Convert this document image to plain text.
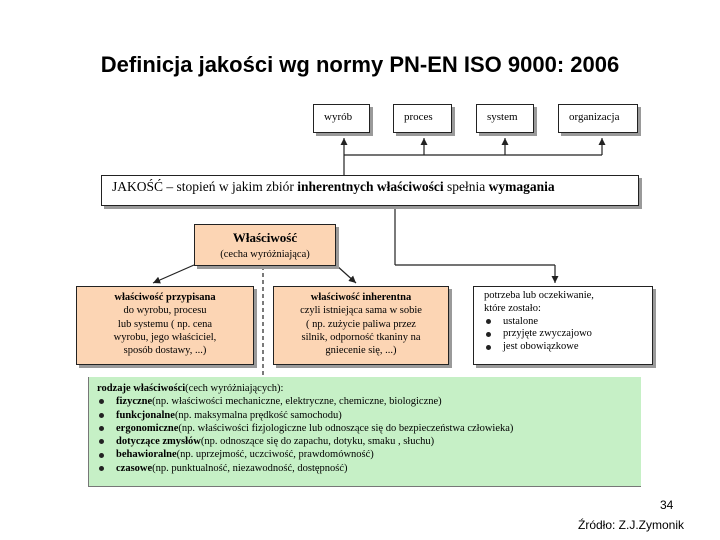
Definicja jakości wg normy PN-EN ISO 9000: 2006
wyrób	proces	system	organizacja
JAKOŚĆ – stopień w jakim zbiór inherentnych właściwości spełnia wymagania
Właściwość
(cecha wyróżniająca)
właściwość przypisana
do wyrobu, procesu
lub systemu ( np. cena
wyrobu, jego właściciel,
sposób dostawy, ...)
właściwość inherentna
czyli istniejąca sama w sobie
( np. zużycie paliwa przez
silnik, odporność tkaniny na
gniecenie się, ...)
potrzeba lub oczekiwanie,
które zostało:
ustalone
przyjęte zwyczajowo
jest obowiązkowe
rodzaje właściwości (cech wyróżniających):
fizyczne (np. właściwości mechaniczne, elektryczne, chemiczne, biologiczne)
funkcjonalne (np. maksymalna prędkość samochodu)
ergonomiczne (np. właściwości fizjologiczne lub odnoszące się do bezpieczeństwa człowieka)
dotyczące zmysłów (np. odnoszące się do zapachu, dotyku, smaku , słuchu)
behawioralne (np. uprzejmość, uczciwość, prawdomówność)
czasowe (np. punktualność, niezawodność, dostępność)
34
Źródło: Z.J.Zymonik
